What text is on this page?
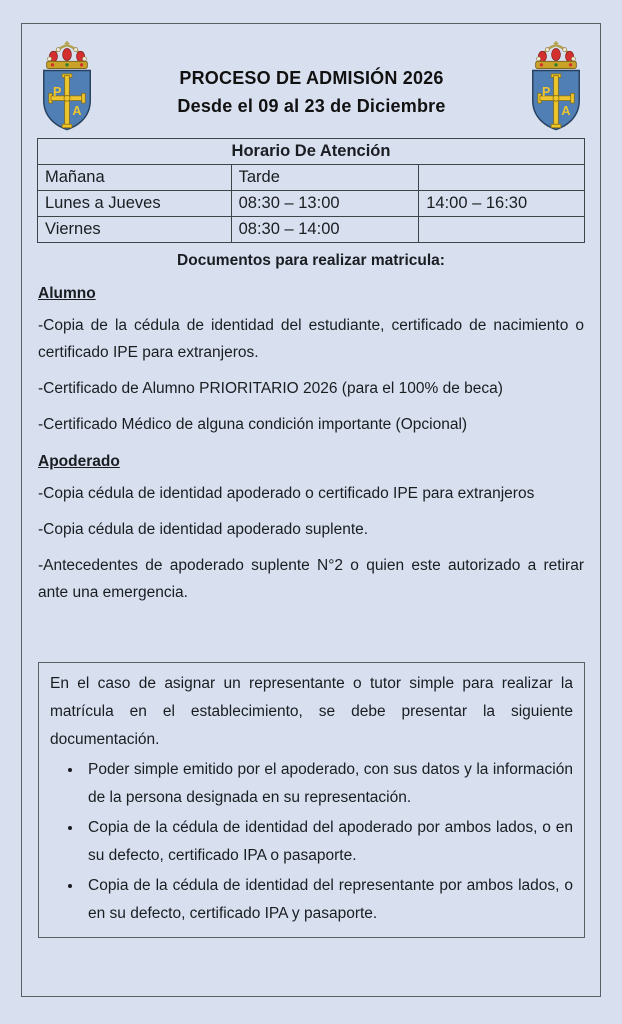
PROCESO DE ADMISIÓN 2026
Desde el 09 al 23 de Diciembre
Horario De Atención		
Mañana	Tarde	
Lunes a Jueves	08:30 – 13:00	14:00 – 16:30
Viernes	08:30 – 14:00	
Documentos para realizar matricula:
Alumno

-Copia de la cédula de identidad del estudiante, certificado de nacimiento o certificado IPE para extranjeros.

-Certificado de Alumno PRIORITARIO 2026 (para el 100% de beca)

-Certificado Médico de alguna condición importante (Opcional)

Apoderado

-Copia cédula de identidad apoderado o certificado IPE para extranjeros

-Copia cédula de identidad apoderado suplente.

-Antecedentes de apoderado suplente N°2 o quien este autorizado a retirar ante una emergencia.

En el caso de asignar un representante o tutor simple para realizar la matrícula en el establecimiento, se debe presentar la siguiente documentación.

• Poder simple emitido por el apoderado, con sus datos y la información de la persona designada en su representación.
• Copia de la cédula de identidad del apoderado por ambos lados, o en su defecto, certificado IPA o pasaporte.
• Copia de la cédula de identidad del representante por ambos lados, o en su defecto, certificado IPA y pasaporte.
